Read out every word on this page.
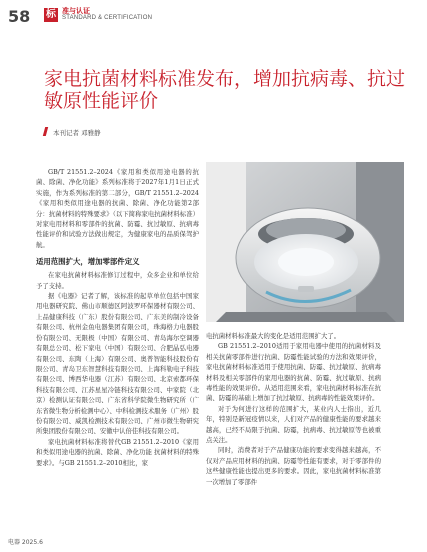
58 标 准与认证
STANDARD & CERTIFICATION
家电抗菌材料标准发布，增加抗病毒、抗过敏原性能评价
本刊记者 邓雅静

GB/T 21551.2–2024《家用和类似用途电器的抗菌、除菌、净化功能》系列标准将于2027年1月1日正式实施，作为系列标准的第二部分，GB/T 21551.2–2024《家用和类似用途电器的抗菌、除菌、净化功能第2部分：抗菌材料的特殊要求》（以下简称家电抗菌材料标准）对家电用材料和零部件的抗菌、防霉、抗过敏原、抗病毒性能评价和试验方法做出规定，为健康家电的品质保驾护航。

适用范围扩大，增加零部件定义

在家电抗菌材料标准修订过程中，众多企业和单位给予了支持。

据《电器》记者了解，该标准的起草单位包括中国家用电器研究院、佛山市顺德区阿波罗环保器材有限公司、上品健康科技（广东）股份有限公司、广东美的制冷设备有限公司、杭州金鱼电器集团有限公司，珠海格力电器股份有限公司、无限极（中国）有限公司、青岛海尔空调器有限总公司、松下家电（中国）有限公司、合肥晶弘电器有限公司、东陶（上海）有限公司、奥普智能科技股份有限公司、青岛卫东智慧科技有限公司、上海科勒电子科技有限公司、博西华电器（江苏）有限公司、北京索都环保科技有限公司、江苏星星冷链科技有限公司、中家院（北京）检测认证有限公司、广东省科学院微生物研究所（广东省微生物分析检测中心）、中科检测技术服务（广州）股份有限公司、威凯检测技术有限公司、广州市微生物研究所集团股份有限公司、安徽中认倍佳科技有限公司。

家电抗菌材料标准将替代GB 21551.2–2010《家用和类似用途电器的抗菌、除菌、净化功能 抗菌材料的特殊要求》。与GB 21551.2–2010相比，家

电抗菌材料标准最大的变化是适用范围扩大了。

GB 21551.2–2010适用于家用电器中使用的抗菌材料及相关抗菌零部件进行抗菌、防霉性能试验的方法和效果评价，家电抗菌材料标准适用于使用抗菌、防霉、抗过敏原、抗病毒材料及相关零部件的家用电器的抗菌、防霉、抗过敏原、抗病毒性能的效果评价。从适用范围来看，家电抗菌材料标准在抗菌、防霉的基础上增加了抗过敏原、抗病毒的性能效果评价。

对于为何进行这样的范围扩大，某业内人士指出，近几年，特别是新冠疫情以来，人们对产品的健康性能的要求越来越高，已经不局限于抗菌、防霉，抗病毒、抗过敏原等也被重点关注。

同时，消费者对于产品健康功能的要求变得越来越高，不仅对产品应用材料的抗菌、防霉等性能有要求，对于零部件的这些健康性能也提出更多的要求。因此，家电抗菌材料标准第一次增加了零部件

电器 2025.6
